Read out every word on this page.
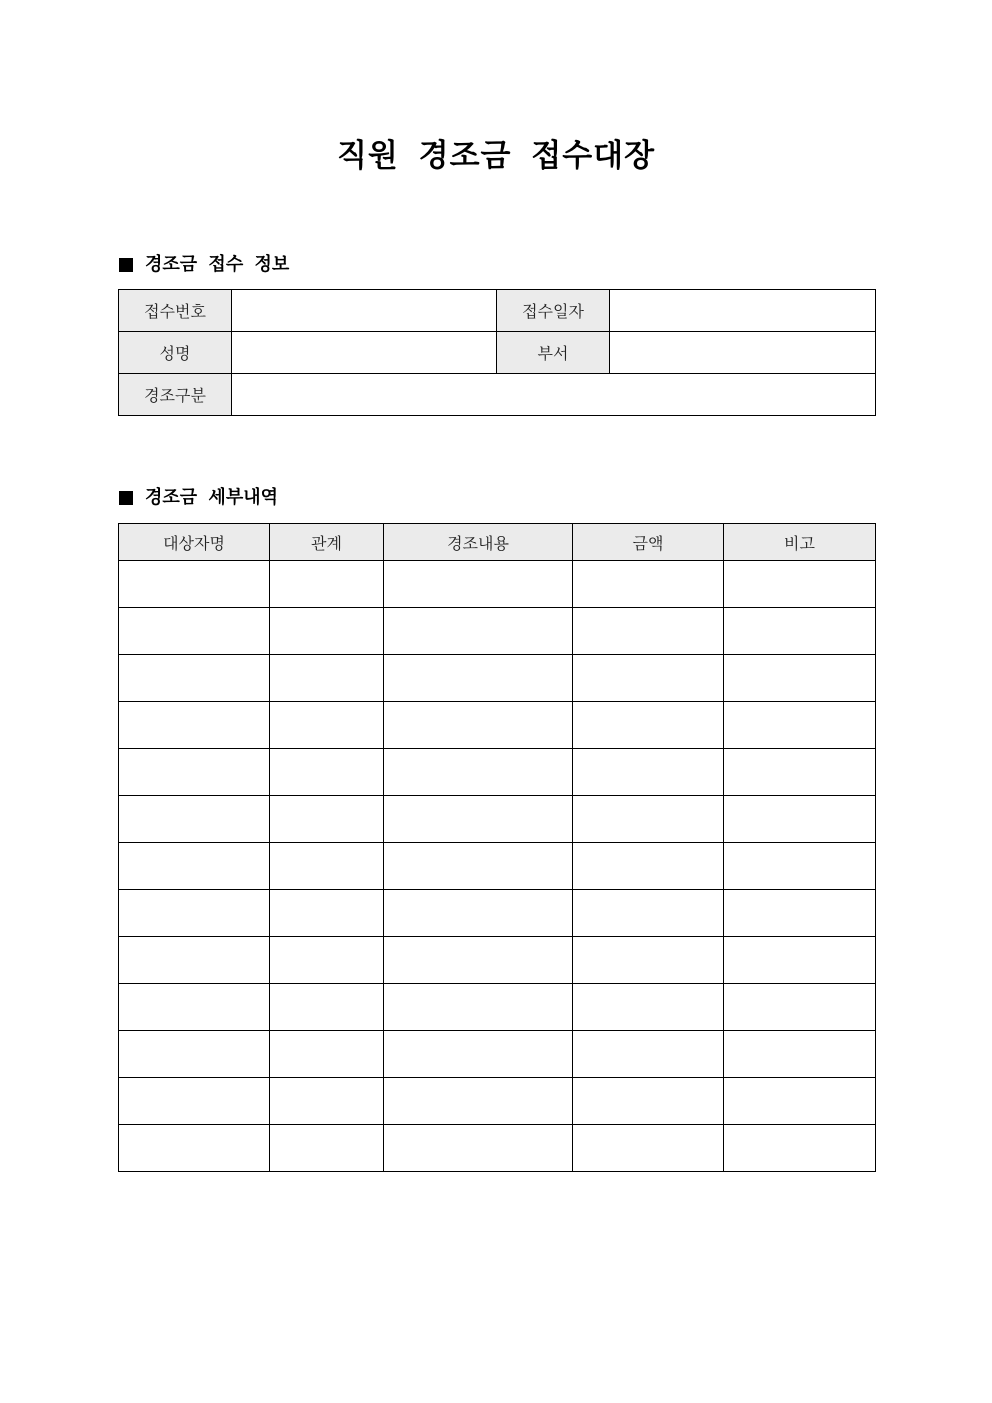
직원 경조금 접수대장
경조금 접수 정보
접수번호		접수일자	
성명		부서	
경조구분			
경조금 세부내역
대상자명	관계	경조내용	금액	비고
